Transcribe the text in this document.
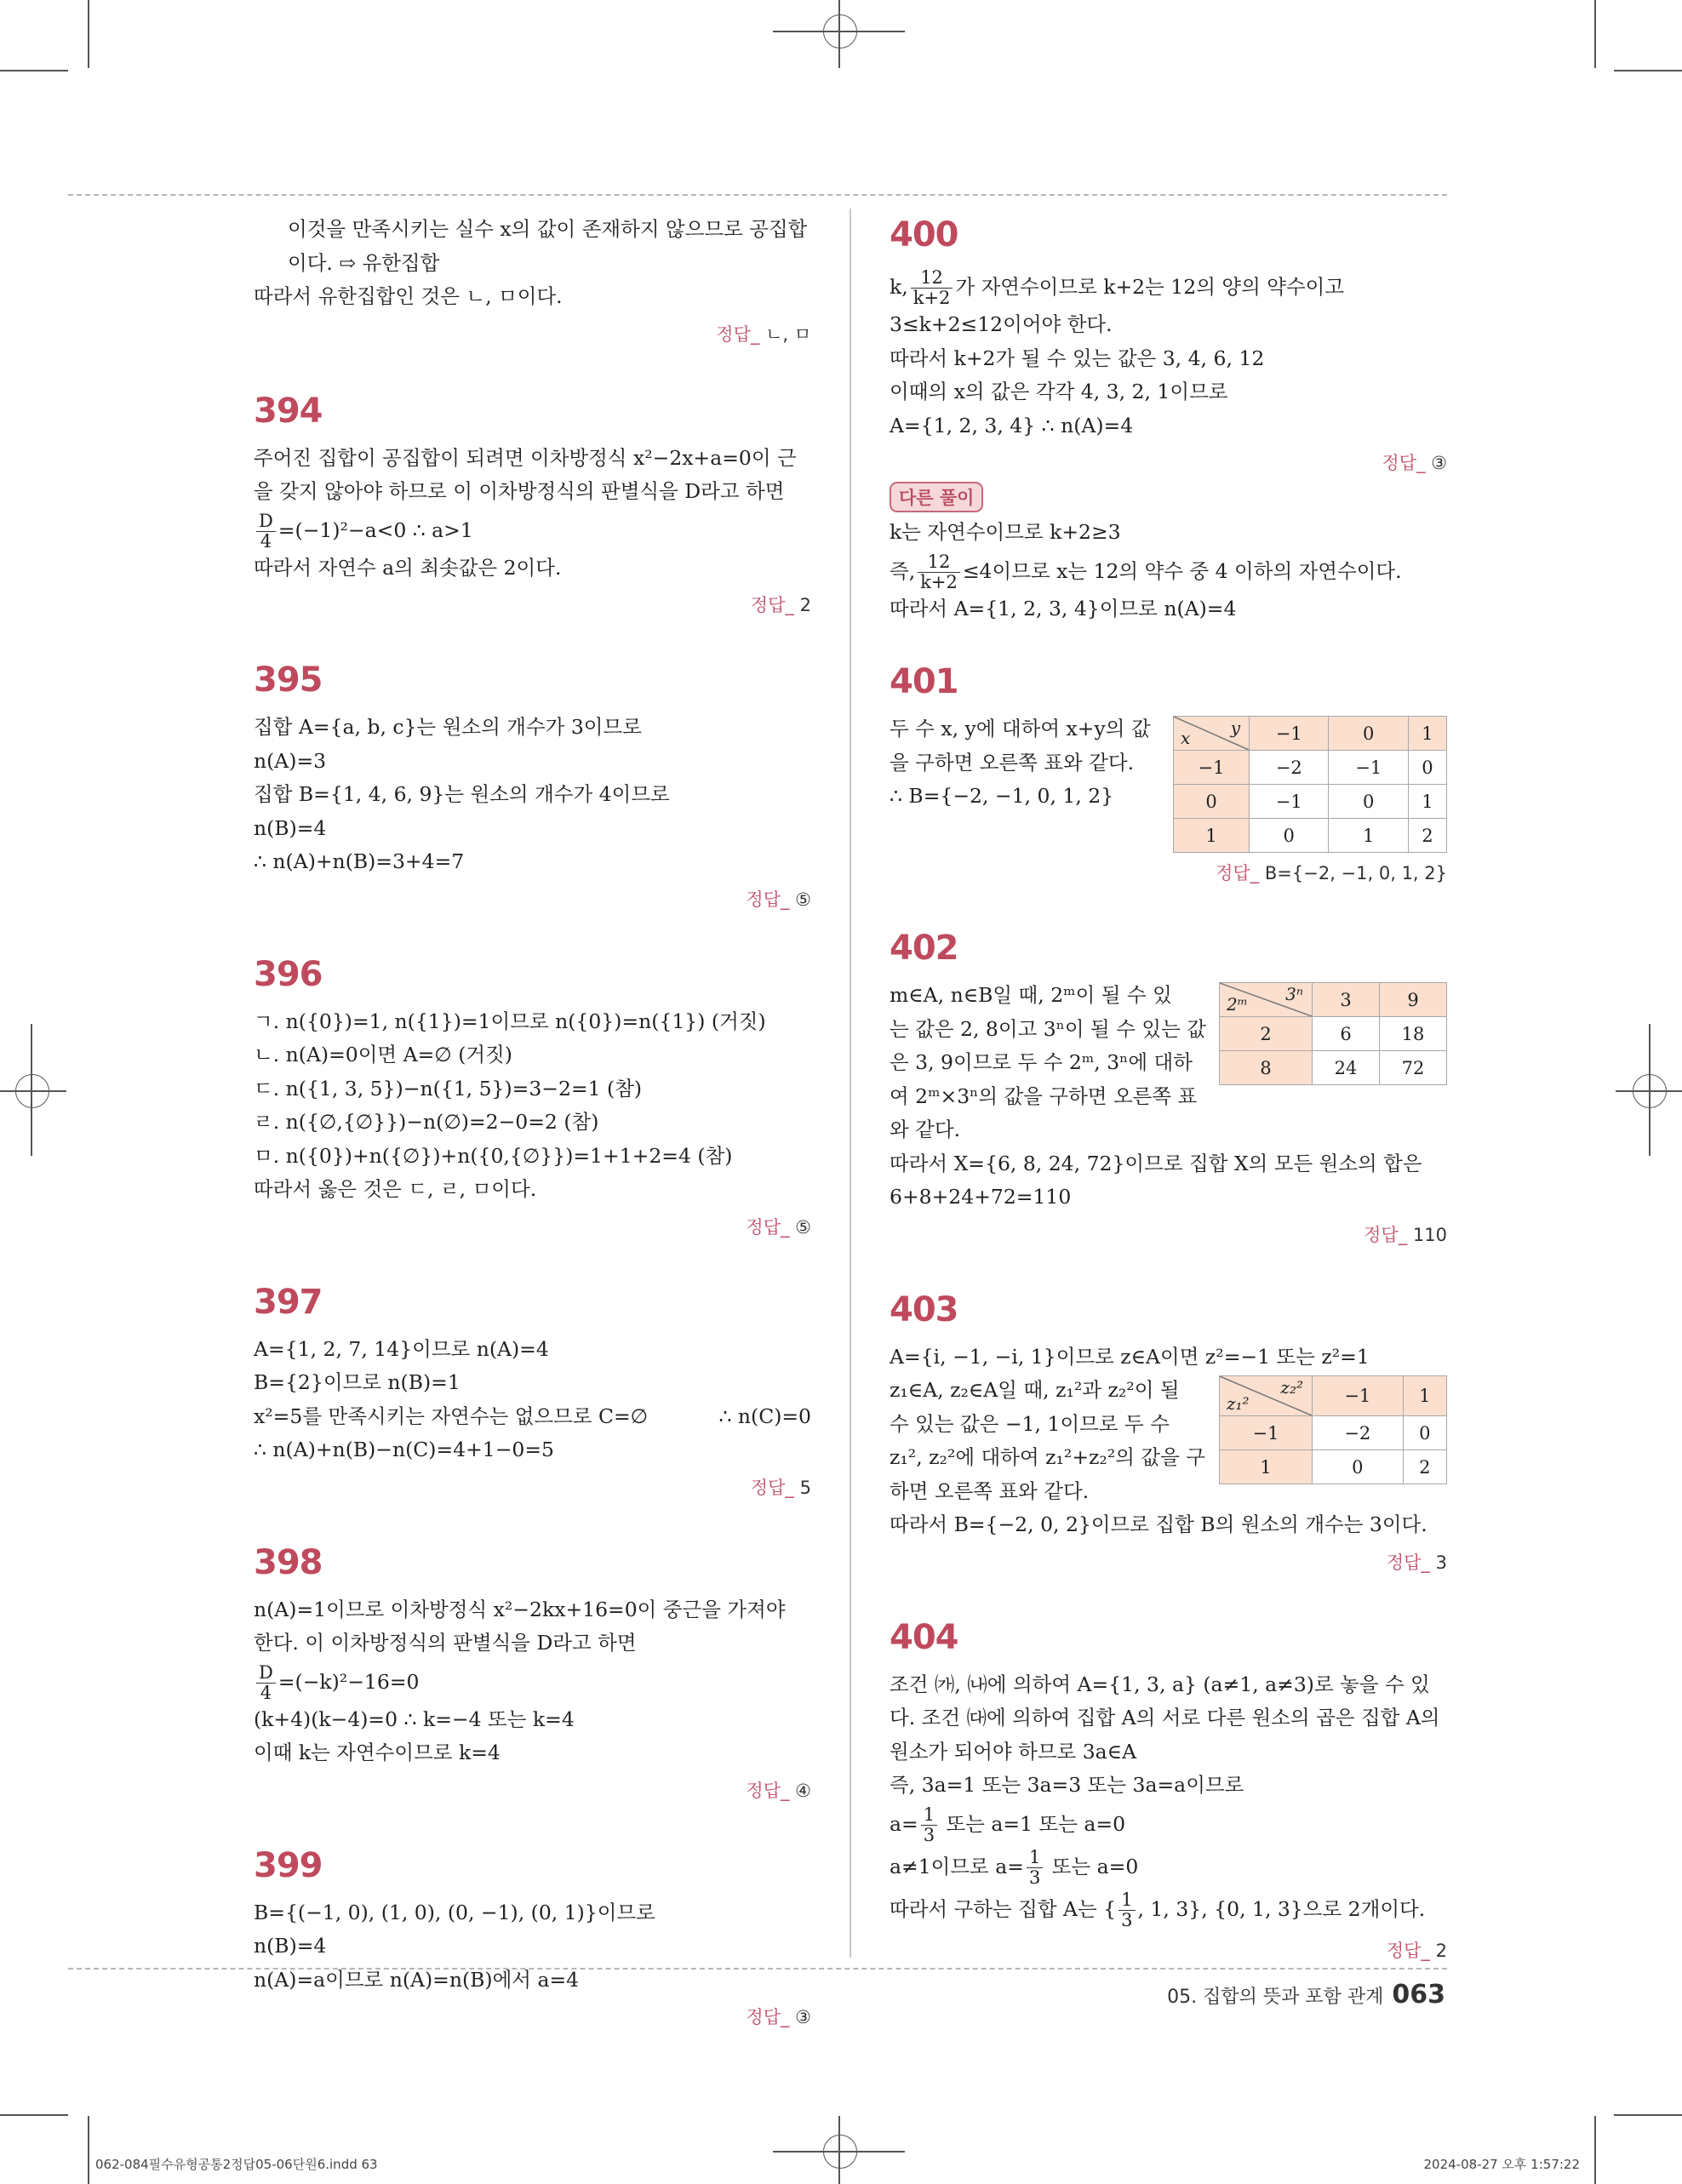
이것을 만족시키는 실수 x의 값이 존재하지 않으므로 공집합
이다. ⇨ 유한집합
따라서 유한집합인 것은 ㄴ, ㅁ이다.
정답_ ㄴ, ㅁ
394
주어진 집합이 공집합이 되려면 이차방정식 x²−2x+a=0이 근
을 갖지 않아야 하므로 이 이차방정식의 판별식을 D라고 하면
$\frac{D}{4} =(-1)^2-a<0$ ∴ a>1
따라서 자연수 a의 최솟값은 2이다.
정답_ 2
395
집합 A={a, b, c}는 원소의 개수가 3이므로
n(A)=3
집합 B={1, 4, 6, 9}는 원소의 개수가 4이므로
n(B)=4
∴ n(A)+n(B)=3+4=7
정답_ ⑤
396
ㄱ. n({0})=1, n({1})=1이므로 n({0})=n({1}) (거짓)
ㄴ. n(A)=0이면 A=∅ (거짓)
ㄷ. n({1, 3, 5})−n({1, 5})=3−2=1 (참)
ㄹ. n({∅,{∅}})−n(∅)=2−0=2 (참)
ㅁ. n({0})+n({∅})+n({0,{∅}})=1+1+2=4 (참)
따라서 옳은 것은 ㄷ, ㄹ, ㅁ이다.
정답_ ⑤
397
A={1, 2, 7, 14}이므로 n(A)=4
B={2}이므로 n(B)=1
x²=5를 만족시키는 자연수는 없으므로 C=∅	∴ n(C)=0
∴ n(A)+n(B)−n(C)=4+1−0=5
정답_ 5
398
n(A)=1이므로 이차방정식 x²−2kx+16=0이 중근을 가져야
한다. 이 이차방정식의 판별식을 D라고 하면
$\frac{D}{4} =(-k)^2-16=0$
(k+4)(k−4)=0 ∴ k=−4 또는 k=4
이때 k는 자연수이므로 k=4
정답_ ④
399
B={(−1, 0), (1, 0), (0, −1), (0, 1)}이므로
n(B)=4
n(A)=a이므로 n(A)=n(B)에서 a=4
정답_ ③
400
k, $\frac{12}{k+2}$ 가 자연수이므로 k+2는 12의 양의 약수이고
3≤k+2≤12이어야 한다.
따라서 k+2가 될 수 있는 값은 3, 4, 6, 12
이때의 x의 값은 각각 4, 3, 2, 1이므로
A={1, 2, 3, 4} ∴ n(A)=4
정답_ ③
다른 풀이
k는 자연수이므로 k+2≥3
즉, $\frac{12}{k+2} \le 4$이므로 x는 12의 약수 중 4 이하의 자연수이다.
따라서 A={1, 2, 3, 4}이므로 n(A)=4
401
두 수 x, y에 대하여 x+y의 값
을 구하면 오른쪽 표와 같다.
∴ B={−2, −1, 0, 1, 2}
x y	−1	0	1
−1	−2	−1	0
0	−1	0	1
1	0	1	2
정답_ B={−2, −1, 0, 1, 2}
402
m∈A, n∈B일 때, 2ᵐ이 될 수 있
는 값은 2, 8이고 3ⁿ이 될 수 있는 값
은 3, 9이므로 두 수 2ᵐ, 3ⁿ에 대하
여 2ᵐ×3ⁿ의 값을 구하면 오른쪽 표
와 같다.
2ᵐ 3ⁿ	3	9
2	6	18
8	24	72
따라서 X={6, 8, 24, 72}이므로 집합 X의 모든 원소의 합은
6+8+24+72=110
정답_ 110
403
A={i, −1, −i, 1}이므로 z∈A이면 z²=−1 또는 z²=1
z₁∈A, z₂∈A일 때, z₁²과 z₂²이 될
수 있는 값은 −1, 1이므로 두 수
z₁², z₂²에 대하여 z₁²+z₂²의 값을 구
하면 오른쪽 표와 같다.
z₁²
z₂²	−1	1
−1	−2	0
1	0	2
따라서 B={−2, 0, 2}이므로 집합 B의 원소의 개수는 3이다.
정답_ 3
404
조건 ㈎, ㈏에 의하여 A={1, 3, a} (a≠1, a≠3)로 놓을 수 있
다. 조건 ㈐에 의하여 집합 A의 서로 다른 원소의 곱은 집합 A의
원소가 되어야 하므로 3a∈A
즉, 3a=1 또는 3a=3 또는 3a=a이므로
$a= \frac{1}{3}$ 또는 a=1 또는 a=0
a≠1이므로 $a= \frac{1}{3}$ 또는 a=0
따라서 구하는 집합 A는 { $\frac{1}{3}$ , 1, 3}, {0, 1, 3}으로 2개이다.
정답_ 2
05. 집합의 뜻과 포함 관계 063
062-084필수유형공통2정답05-06단원6.indd 63	2024-08-27 오후 1:57:22
